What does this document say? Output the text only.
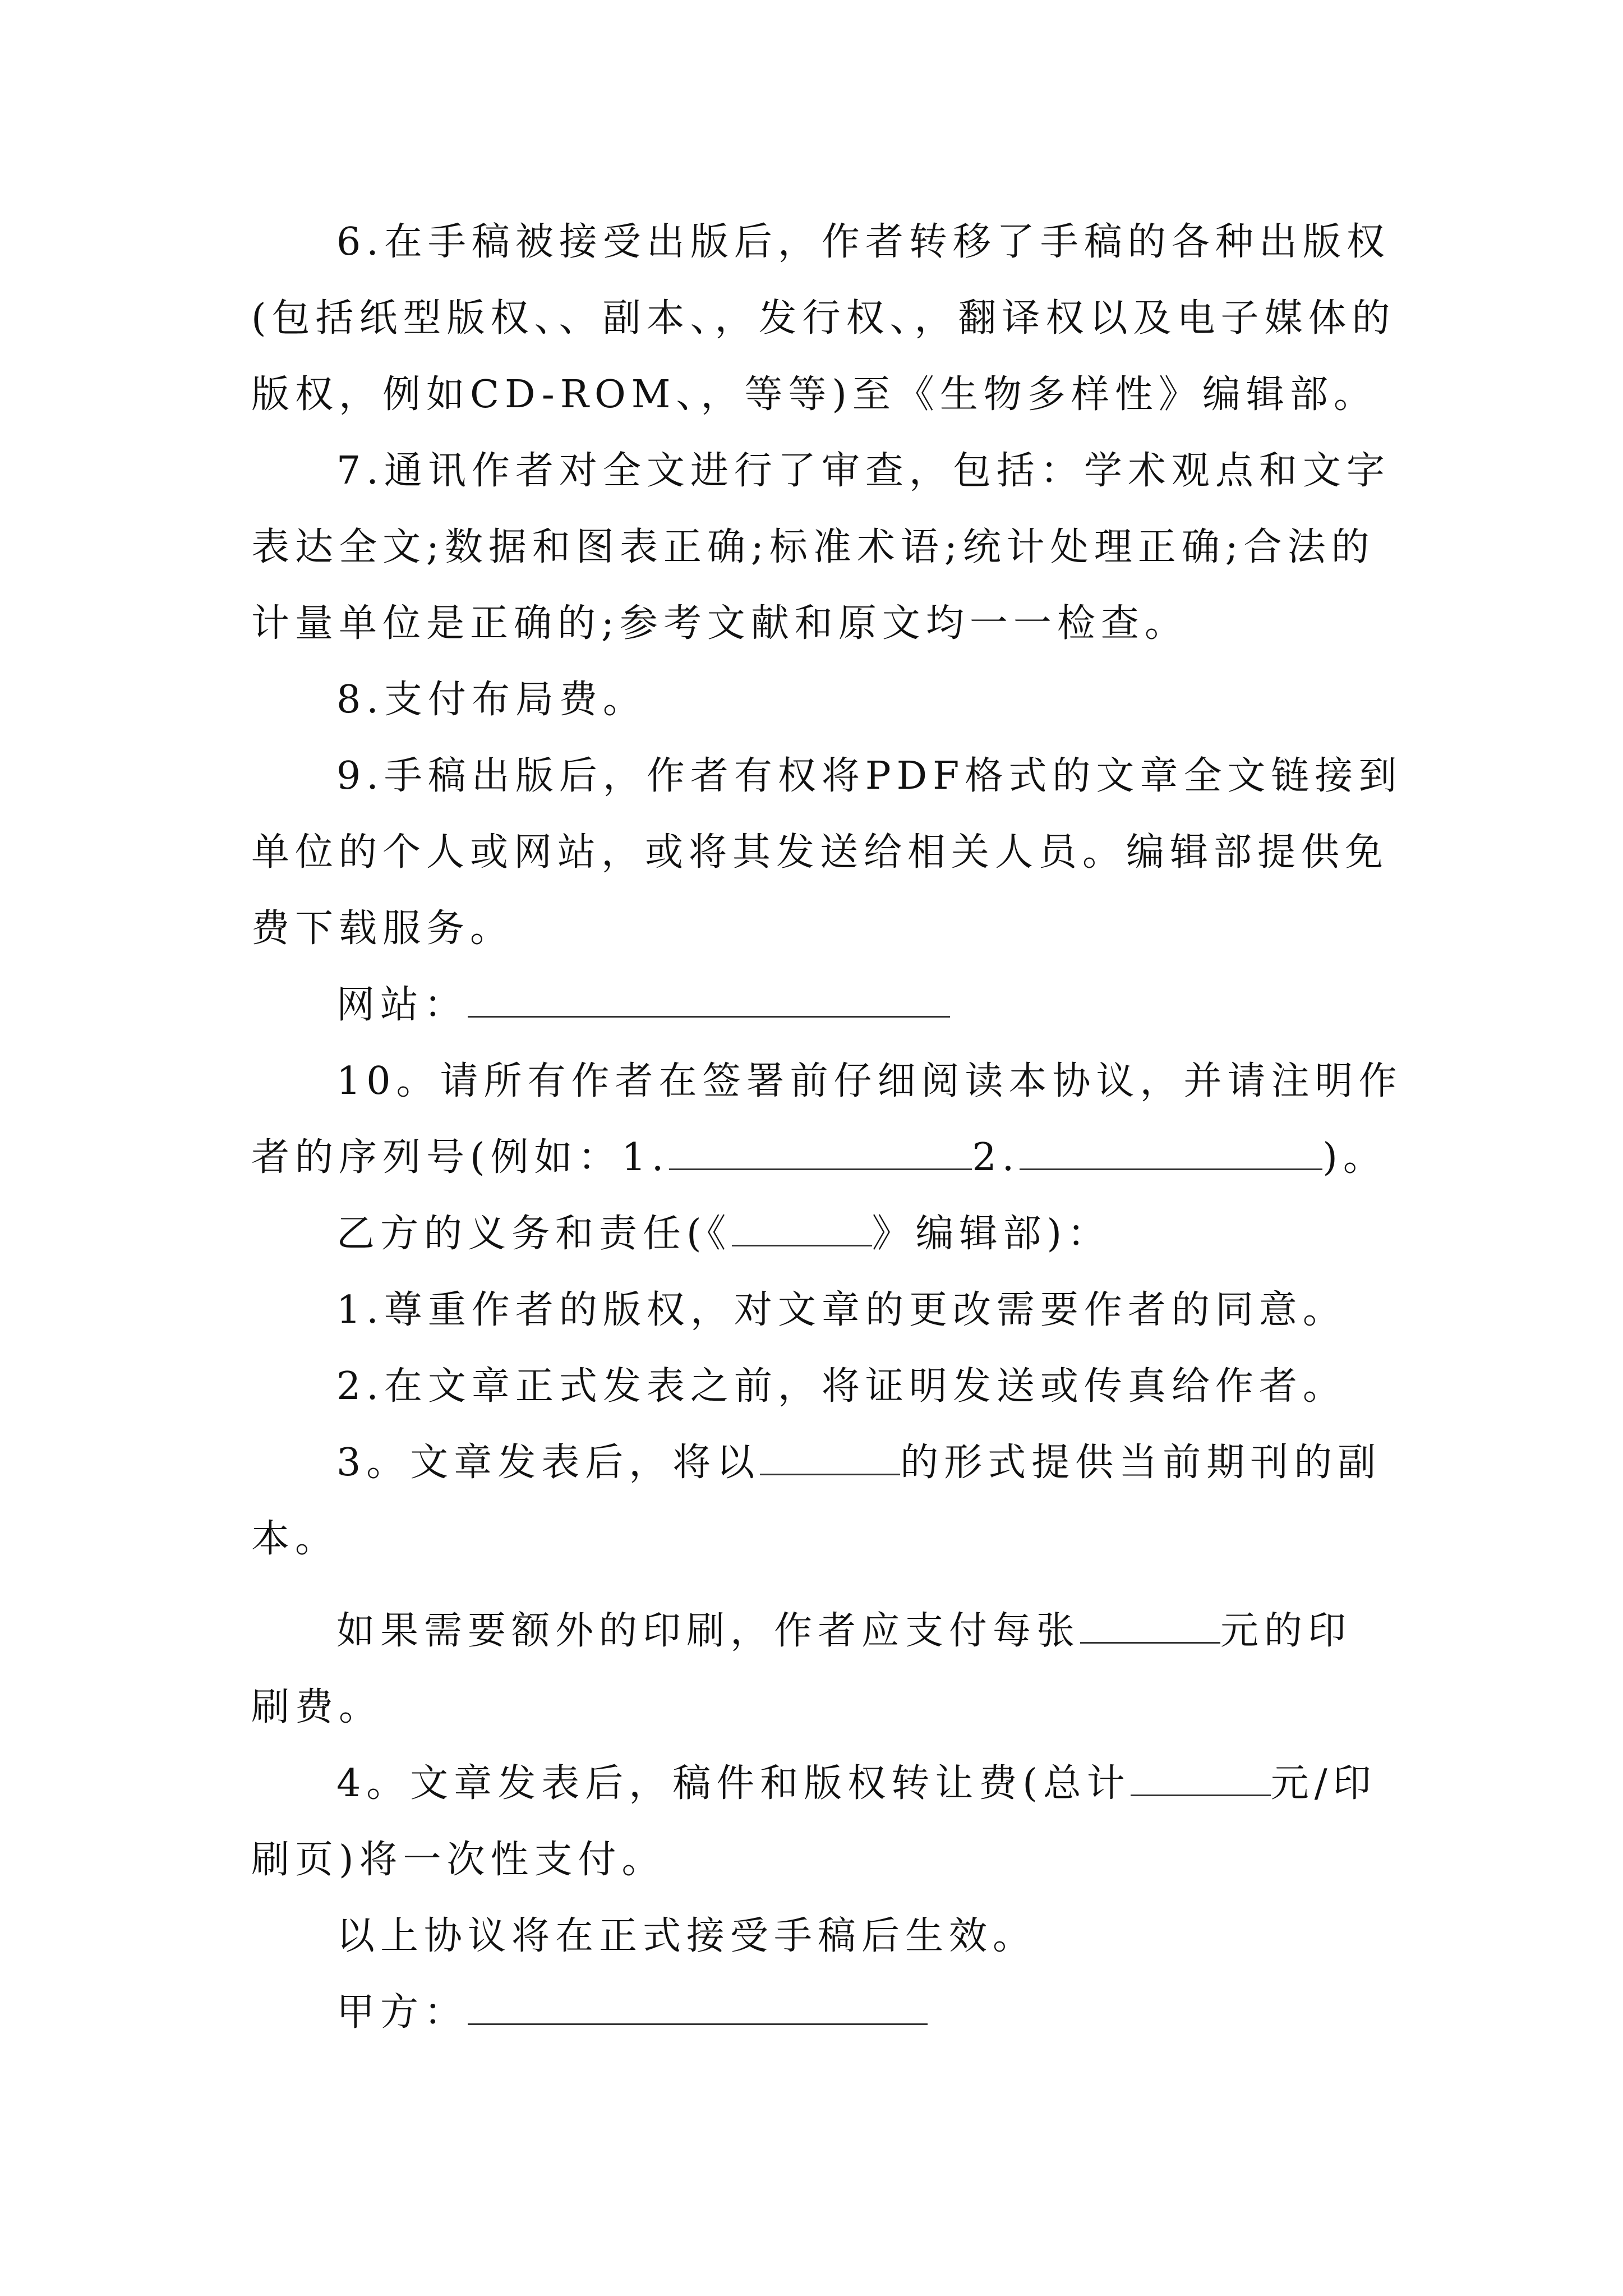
6.在手稿被接受出版后，作者转移了手稿的各种出版权
(包括纸型版权、、副本、，发行权、，翻译权以及电子媒体的
版权，例如CD-ROM、，等等)至《生物多样性》编辑部。
7.通讯作者对全文进行了审查，包括：学术观点和文字
表达全文;数据和图表正确;标准术语;统计处理正确;合法的
计量单位是正确的;参考文献和原文均一一检查。
8.支付布局费。
9.手稿出版后，作者有权将PDF格式的文章全文链接到
单位的个人或网站，或将其发送给相关人员。编辑部提供免
费下载服务。
网站：
10。请所有作者在签署前仔细阅读本协议，并请注明作
者的序列号(例如：1.	2.	)。
乙方的义务和责任(《	》编辑部)：
1.尊重作者的版权，对文章的更改需要作者的同意。
2.在文章正式发表之前，将证明发送或传真给作者。
3。文章发表后，将以	的形式提供当前期刊的副
本。
如果需要额外的印刷，作者应支付每张	元的印
刷费。
4。文章发表后，稿件和版权转让费(总计	元/印
刷页)将一次性支付。
以上协议将在正式接受手稿后生效。
甲方：
